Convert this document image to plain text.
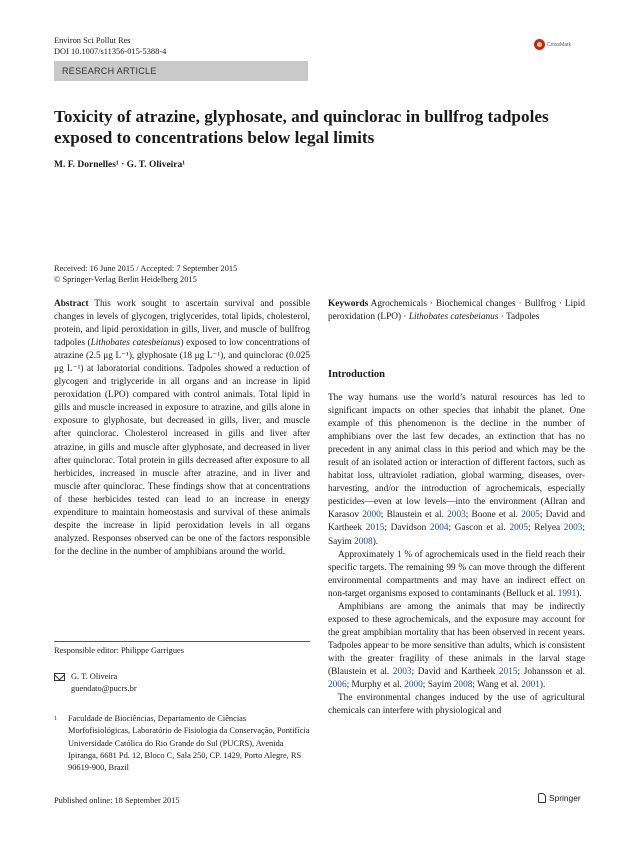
Environ Sci Pollut Res
DOI 10.1007/s11356-015-5388-4
CrossMark
RESEARCH ARTICLE
Toxicity of atrazine, glyphosate, and quinclorac in bullfrog tadpoles exposed to concentrations below legal limits
M. F. Dornelles¹ · G. T. Oliveira¹
Received: 16 June 2015 / Accepted: 7 September 2015
© Springer-Verlag Berlin Heidelberg 2015
Abstract This work sought to ascertain survival and possible changes in levels of glycogen, triglycerides, total lipids, cholesterol, protein, and lipid peroxidation in gills, liver, and muscle of bullfrog tadpoles (Lithobates catesbeianus) exposed to low concentrations of atrazine (2.5 μg L⁻¹), glyphosate (18 μg L⁻¹), and quinclorac (0.025 μg L⁻¹) at laboratorial conditions. Tadpoles showed a reduction of glycogen and triglyceride in all organs and an increase in lipid peroxidation (LPO) compared with control animals. Total lipid in gills and muscle increased in exposure to atrazine, and gills alone in exposure to glyphosate, but decreased in gills, liver, and muscle after quinclorac. Cholesterol increased in gills and liver after atrazine, in gills and muscle after glyphosate, and decreased in liver after quinclorac. Total protein in gills decreased after exposure to all herbicides, increased in muscle after atrazine, and in liver and muscle after quinclorac. These findings show that at concentrations of these herbicides tested can lead to an increase in energy expenditure to maintain homeostasis and survival of these animals despite the increase in lipid peroxidation levels in all organs analyzed. Responses observed can be one of the factors responsible for the decline in the number of amphibians around the world.
Keywords Agrochemicals · Biochemical changes · Bullfrog · Lipid peroxidation (LPO) · Lithobates catesbeianus · Tadpoles
Introduction

The way humans use the world’s natural resources has led to significant impacts on other species that inhabit the planet. One example of this phenomenon is the decline in the number of amphibians over the last few decades, an extinction that has no precedent in any animal class in this period and which may be the result of an isolated action or interaction of different factors, such as habitat loss, ultraviolet radiation, global warming, diseases, over-harvesting, and/or the introduction of agrochemicals, especially pesticides—even at low levels—into the environment (Allran and Karasov 2000; Blaustein et al. 2003; Boone et al. 2005; David and Kartheek 2015; Davidson 2004; Gascon et al. 2005; Relyea 2003; Sayim 2008).

Approximately 1 % of agrochemicals used in the field reach their specific targets. The remaining 99 % can move through the different environmental compartments and may have an indirect effect on non-target organisms exposed to contaminants (Belluck et al. 1991).

Amphibians are among the animals that may be indirectly exposed to these agrochemicals, and the exposure may account for the great amphibian mortality that has been observed in recent years. Tadpoles appear to be more sensitive than adults, which is consistent with the greater fragility of these animals in the larval stage (Blaustein et al. 2003; David and Kartheek 2015; Johansson et al. 2006; Murphy et al. 2000; Sayim 2008; Wang et al. 2001).

The environmental changes induced by the use of agricultural chemicals can interfere with physiological and

Responsible editor: Philippe Garrigues
G. T. Oliveira
guendato@pucrs.br
1 Faculdade de Biociências, Departamento de Ciências Morfofisiológicas, Laboratório de Fisiologia da Conservação, Pontifícia Universidade Católica do Rio Grande do Sul (PUCRS), Avenida Ipiranga, 6681 Pd. 12, Bloco C, Sala 250, CP. 1429, Porto Alegre, RS 90619-900, Brazil
Published online: 18 September 2015	Springer
